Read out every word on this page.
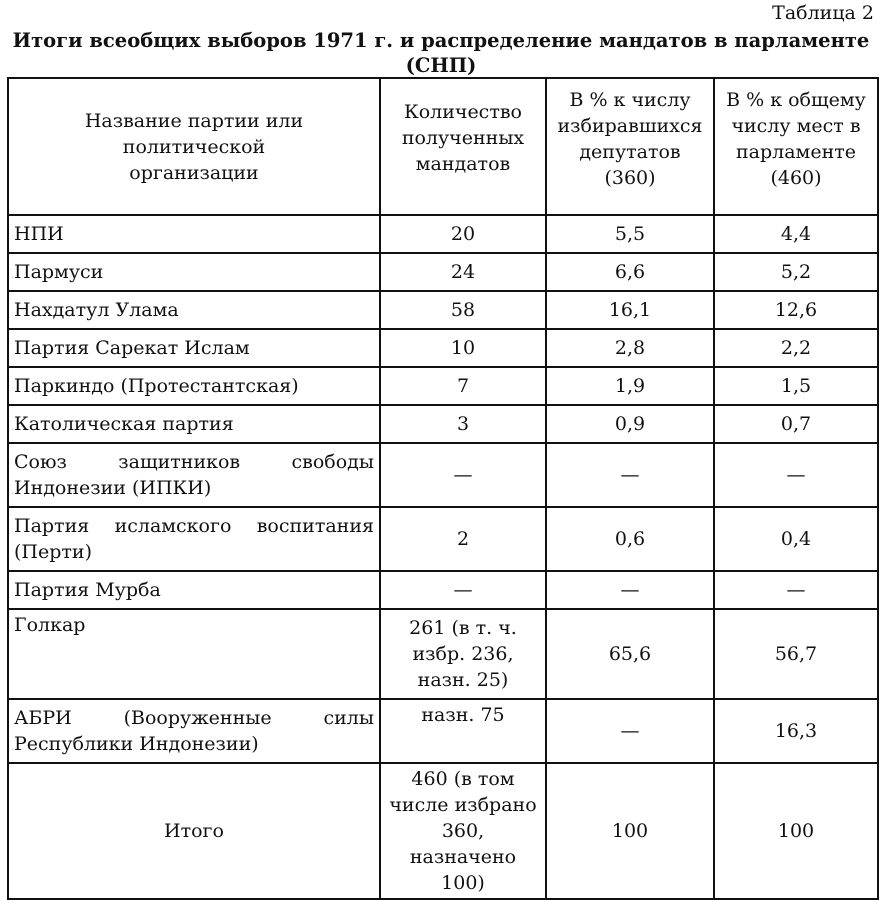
Таблица 2
Итоги всеобщих выборов 1971 г. и распределение мандатов в парламенте
(СНП)
Название партии или политической организации	Количество полученных мандатов	В % к числу избиравшихся депутатов (360)	В % к общему числу мест в парламенте (460)
НПИ	20	5,5	4,4
Пармуси	24	6,6	5,2
Нахдатул Улама	58	16,1	12,6
Партия Сарекат Ислам	10	2,8	2,2
Паркиндо (Протестантская)	7	1,9	1,5
Католическая партия	3	0,9	0,7
Союз защитников свободы Индонезии (ИПКИ)	—	—	—
Партия исламского воспитания (Перти)	2	0,6	0,4
Партия Мурба	—	—	—
Голкар	261 (в т. ч. избр. 236, назн. 25)	65,6	56,7
АБРИ (Вооруженные силы Республики Индонезии)	назн. 75	—	16,3
Итого	460 (в том числе избрано 360, назначено 100)	100	100
